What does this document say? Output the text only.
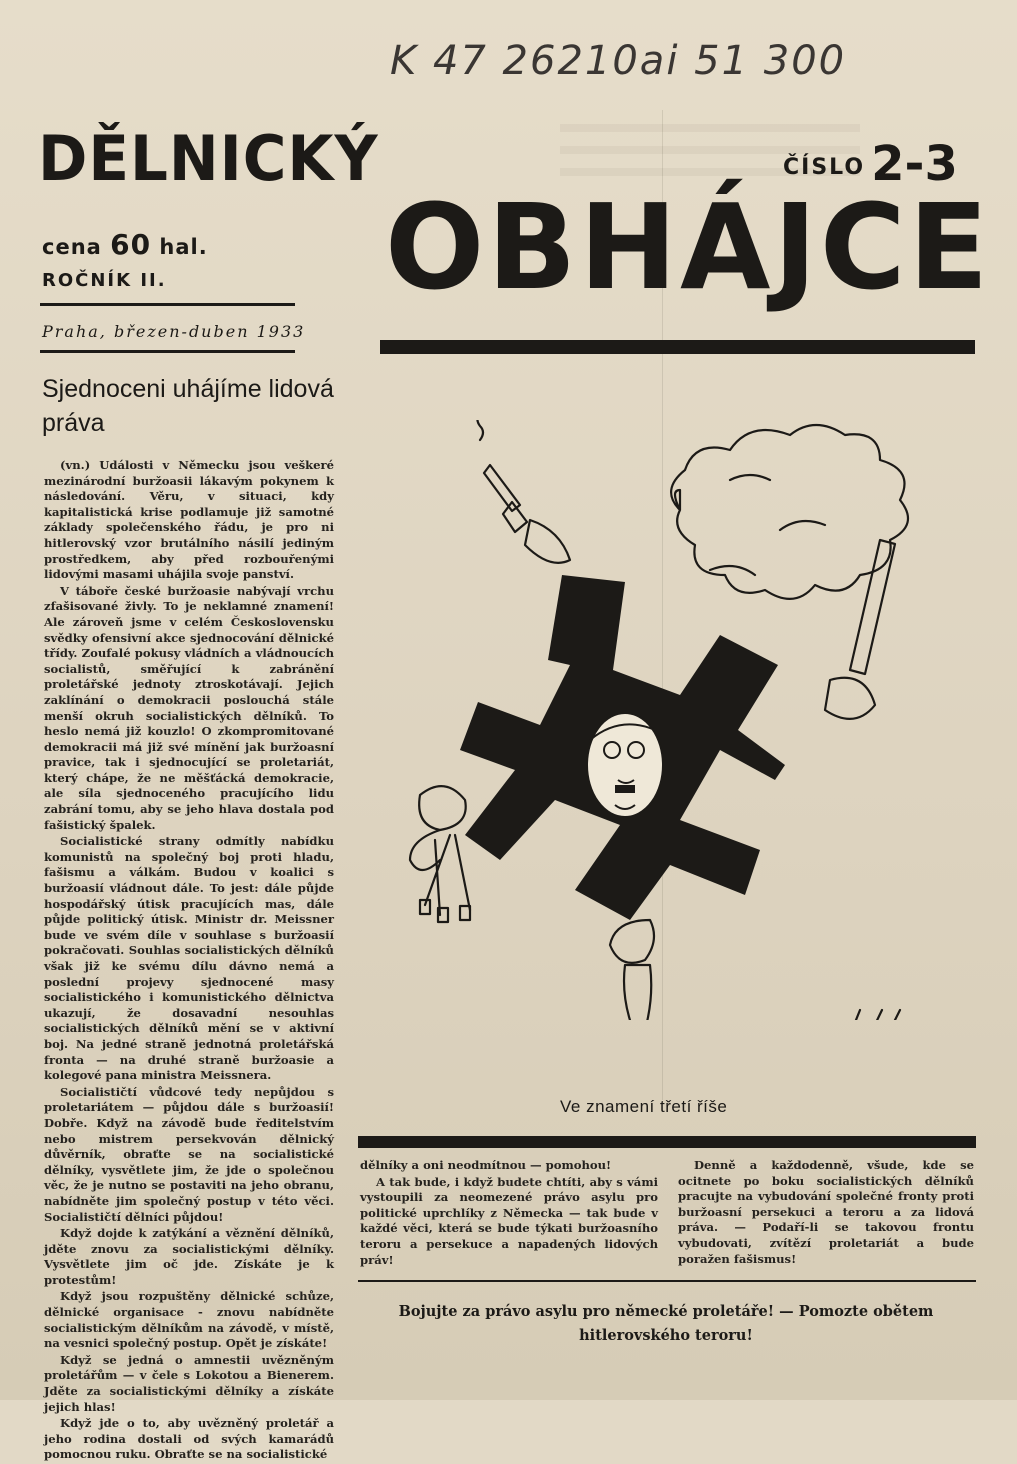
K 47 26210ai 51 300
DĚLNICKÝ
OBHÁJCE
ČÍSLO 2-3
cena 60 hal.
ROČNÍK II.
Praha, březen-duben 1933
Sjednoceni uhájíme lidová práva

(vn.) Události v Německu jsou veškeré mezinárodní buržoasii lákavým pokynem k následování. Věru, v situaci, kdy kapitalistická krise podlamuje již samotné základy společenského řádu, je pro ni hitlerovský vzor brutálního násilí jediným prostředkem, aby před rozbouřenými lidovými masami uhájila svoje panství.

V táboře české buržoasie nabývají vrchu zfašisované živly. To je neklamné znamení! Ale zároveň jsme v celém Československu svědky ofensivní akce sjednocování dělnické třídy. Zoufalé pokusy vládních a vládnoucích socialistů, směřující k zabránění proletářské jednoty ztroskotávají. Jejich zaklínání o demokracii poslouchá stále menší okruh socialistických dělníků. To heslo nemá již kouzlo! O zkompromitované demokracii má již své mínění jak buržoasní pravice, tak i sjednocující se proletariát, který chápe, že ne měšťácká demokracie, ale síla sjednoceného pracujícího lidu zabrání tomu, aby se jeho hlava dostala pod fašistický špalek.

Socialistické strany odmítly nabídku komunistů na společný boj proti hladu, fašismu a válkám. Budou v koalici s buržoasií vládnout dále. To jest: dále půjde hospodářský útisk pracujících mas, dále půjde politický útisk. Ministr dr. Meissner bude ve svém díle v souhlase s buržoasií pokračovati. Souhlas socialistických dělníků však již ke svému dílu dávno nemá a poslední projevy sjednocené masy socialistického i komunistického dělnictva ukazují, že dosavadní nesouhlas socialistických dělníků mění se v aktivní boj. Na jedné straně jednotná proletářská fronta — na druhé straně buržoasie a kolegové pana ministra Meissnera.

Socialističtí vůdcové tedy nepůjdou s proletariátem — půjdou dále s buržoasií! Dobře. Když na závodě bude ředitelstvím nebo mistrem persekvován dělnický důvěrník, obraťte se na socialistické dělníky, vysvětlete jim, že jde o společnou věc, že je nutno se postaviti na jeho obranu, nabídněte jim společný postup v této věci. Socialističtí dělníci půjdou!

Když dojde k zatýkání a věznění dělníků, jděte znovu za socialistickými dělníky. Vysvětlete jim oč jde. Získáte je k protestům!

Když jsou rozpuštěny dělnické schůze, dělnické organisace - znovu nabídněte socialistickým dělníkům na závodě, v místě, na vesnici společný postup. Opět je získáte!

Když se jedná o amnestii uvězněným proletářům — v čele s Lokotou a Bienerem. Jděte za socialistickými dělníky a získáte jejich hlas!

Když jde o to, aby uvězněný proletář a jeho rodina dostali od svých kamarádů pomocnou ruku. Obraťte se na socialistické

Ve znamení třetí říše

dělníky a oni neodmítnou — pomohou!

A tak bude, i když budete chtíti, aby s vámi vystoupili za neomezené právo asylu pro politické uprchlíky z Německa — tak bude v každé věci, která se bude týkati buržoasního teroru a persekuce a napadených lidových práv!

Denně a každodenně, všude, kde se ocitnete po boku socialistických dělníků pracujte na vybudování společné fronty proti buržoasní persekuci a teroru a za lidová práva. — Podaří-li se takovou frontu vybudovati, zvítězí proletariát a bude poražen fašismus!

Bojujte za právo asylu pro německé proletáře! — Pomozte obětem hitlerovského teroru!
